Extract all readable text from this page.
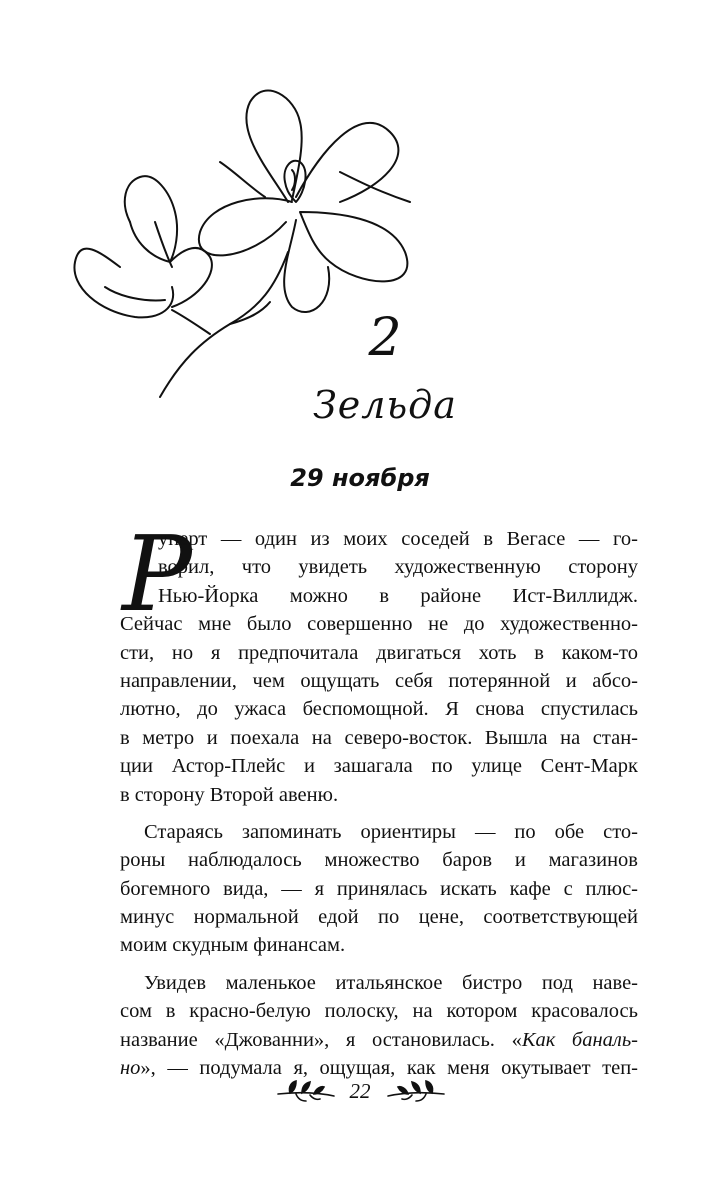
2
Зельда
29 ноября
Р
уперт — один из моих соседей в Вегасе — го-
ворил, что увидеть художественную сторону
Нью-Йорка можно в районе Ист-Виллидж.
Сейчас мне было совершенно не до художественно-
сти, но я предпочитала двигаться хоть в каком-то
направлении, чем ощущать себя потерянной и абсо-
лютно, до ужаса беспомощной. Я снова спустилась
в метро и поехала на северо-восток. Вышла на стан-
ции Астор-Плейс и зашагала по улице Сент-Марк
в сторону Второй авеню.
Стараясь запоминать ориентиры — по обе сто-
роны наблюдалось множество баров и магазинов
богемного вида, — я принялась искать кафе с плюс-
минус нормальной едой по цене, соответствующей
моим скудным финансам.
Увидев маленькое итальянское бистро под наве-
сом в красно-белую полоску, на котором красовалось
название «Джованни», я остановилась. «Как баналь-
но», — подумала я, ощущая, как меня окутывает теп-
22
